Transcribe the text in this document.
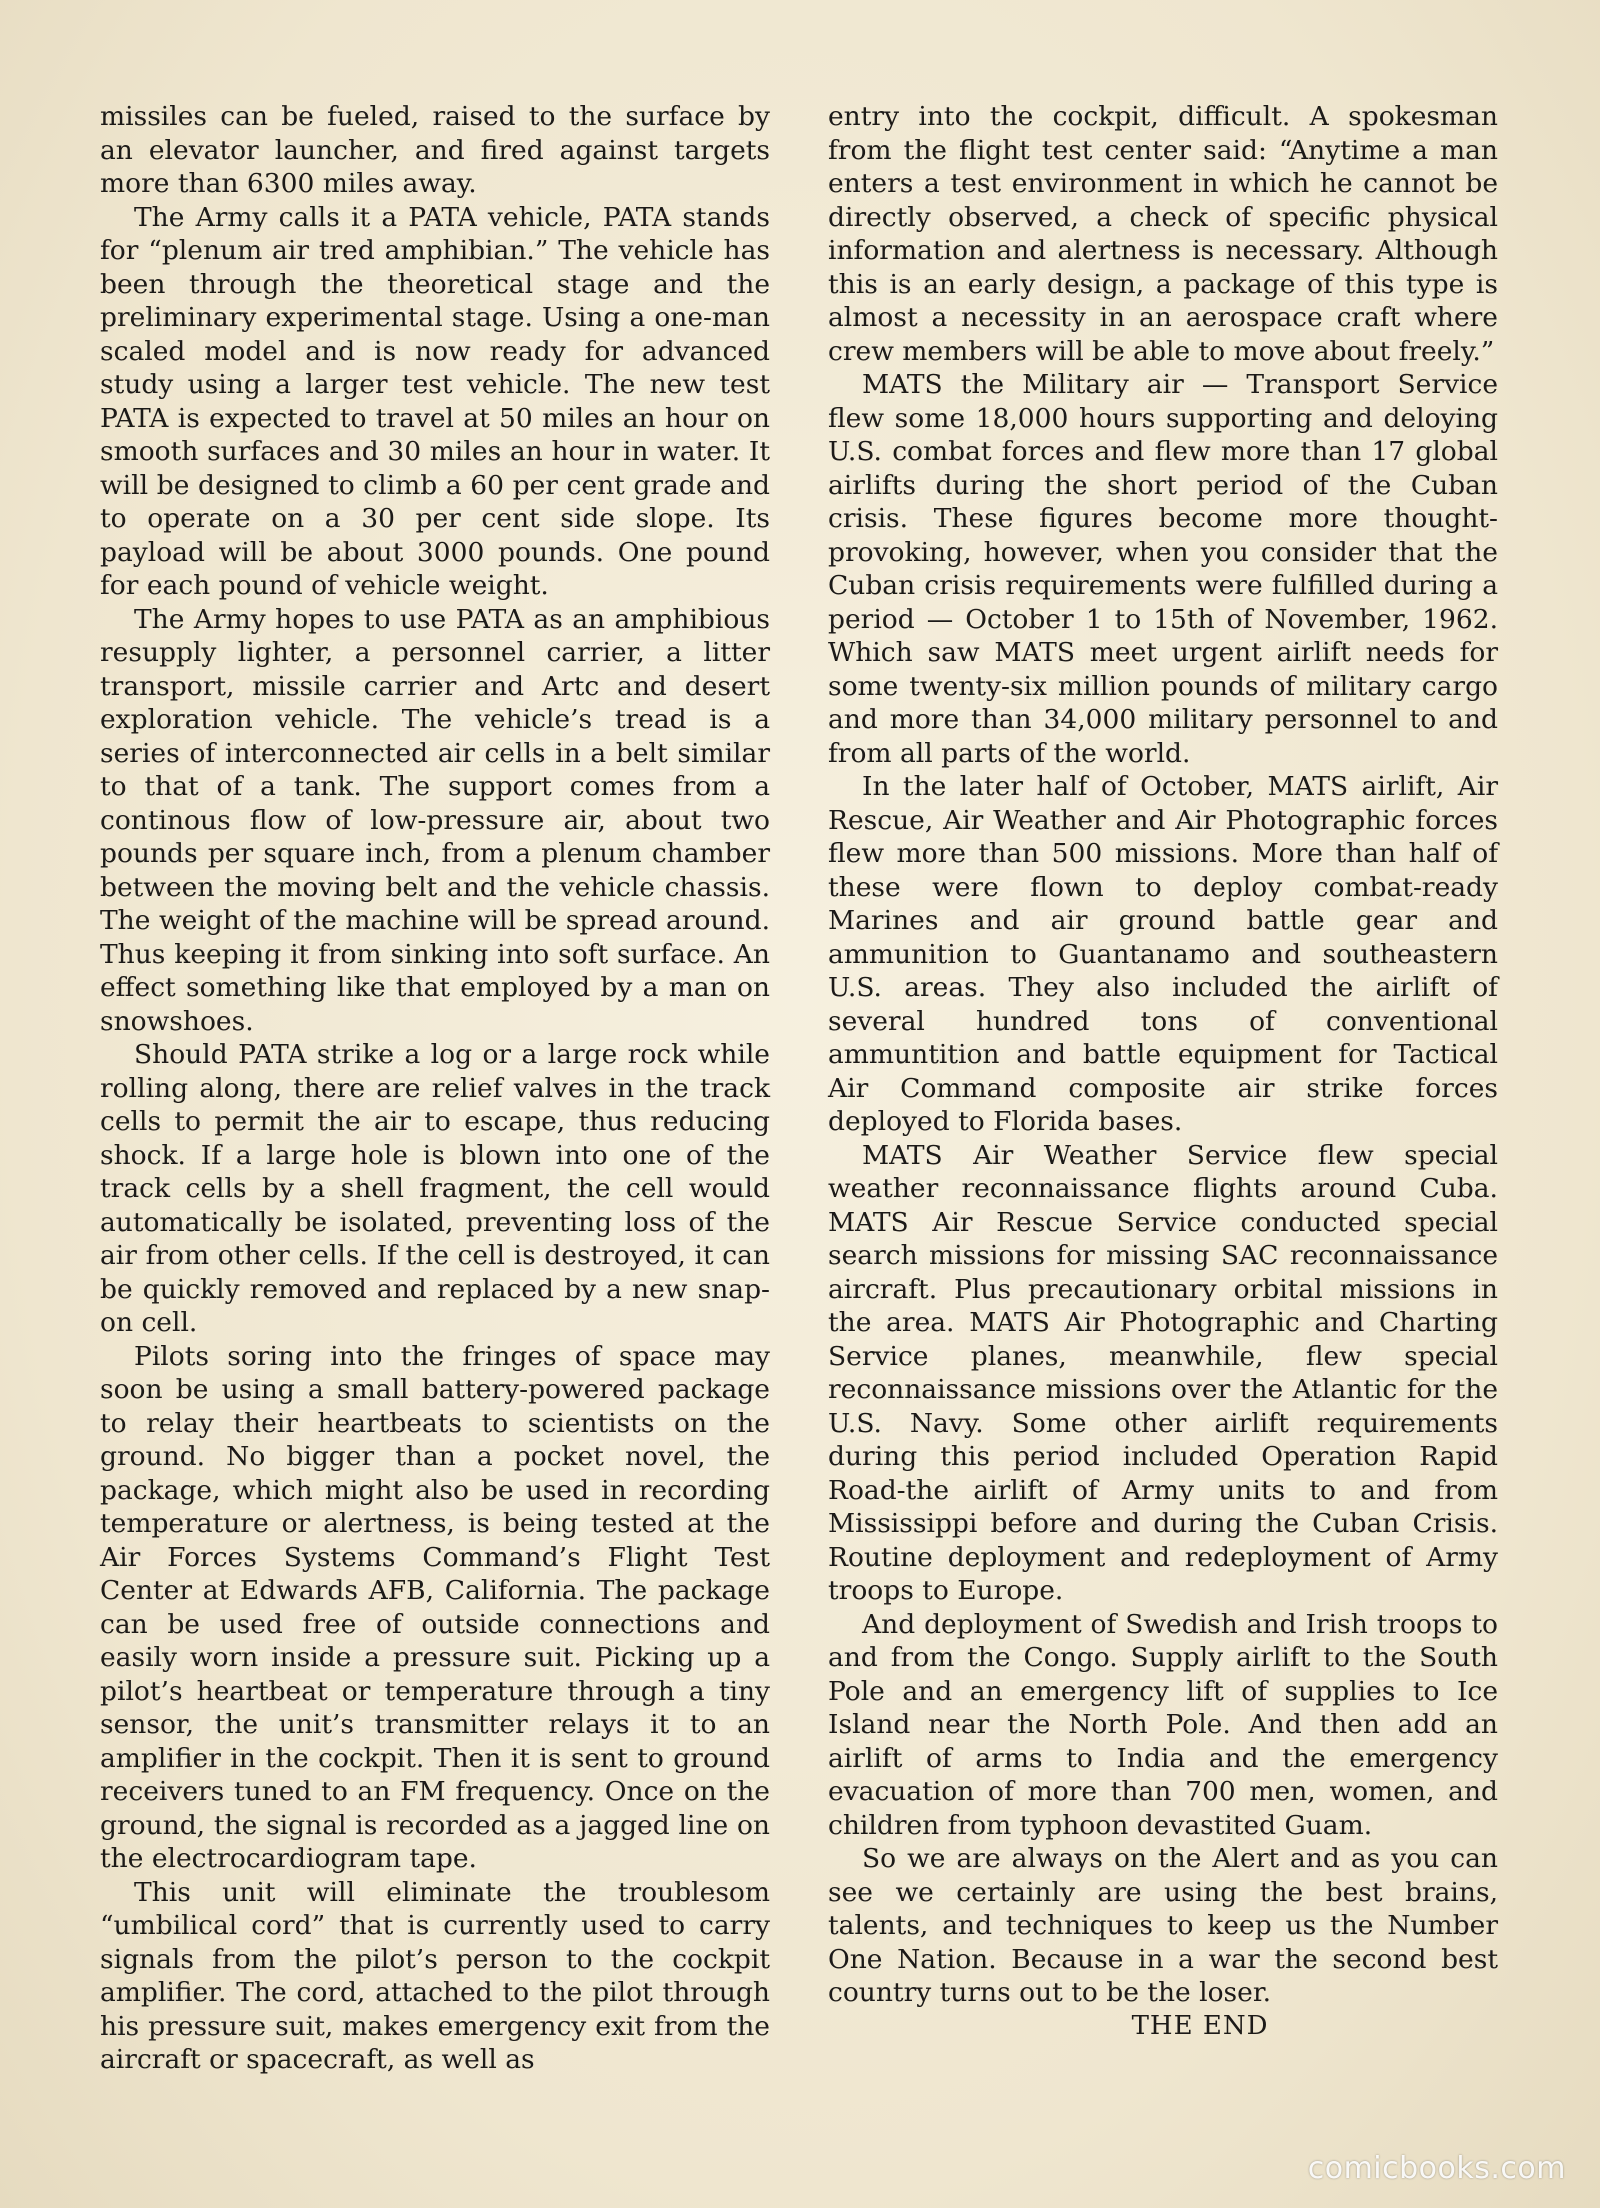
missiles can be fueled, raised to the surface by an elevator launcher, and fired against targets more than 6300 miles away.

The Army calls it a PATA vehicle, PATA stands for “plenum air tred amphibian.” The vehicle has been through the theoretical stage and the preliminary experimental stage. Using a one-man scaled model and is now ready for advanced study using a larger test vehicle. The new test PATA is expected to travel at 50 miles an hour on smooth surfaces and 30 miles an hour in water. It will be designed to climb a 60 per cent grade and to operate on a 30 per cent side slope. Its payload will be about 3000 pounds. One pound for each pound of vehicle weight.

The Army hopes to use PATA as an amphibious resupply lighter, a personnel carrier, a litter transport, missile carrier and Artc and desert exploration vehicle. The vehicle’s tread is a series of interconnected air cells in a belt similar to that of a tank. The support comes from a continous flow of low-pressure air, about two pounds per square inch, from a plenum chamber between the moving belt and the vehicle chassis. The weight of the machine will be spread around. Thus keeping it from sinking into soft surface. An effect something like that employed by a man on snowshoes.

Should PATA strike a log or a large rock while rolling along, there are relief valves in the track cells to permit the air to escape, thus reducing shock. If a large hole is blown into one of the track cells by a shell fragment, the cell would automatically be isolated, preventing loss of the air from other cells. If the cell is destroyed, it can be quickly removed and replaced by a new snap-on cell.

Pilots soring into the fringes of space may soon be using a small battery-powered package to relay their heartbeats to scientists on the ground. No bigger than a pocket novel, the package, which might also be used in recording temperature or alertness, is being tested at the Air Forces Systems Command’s Flight Test Center at Edwards AFB, California. The package can be used free of outside connections and easily worn inside a pressure suit. Picking up a pilot’s heartbeat or temperature through a tiny sensor, the unit’s transmitter relays it to an amplifier in the cockpit. Then it is sent to ground receivers tuned to an FM frequency. Once on the ground, the signal is recorded as a jagged line on the electrocardiogram tape.

This unit will eliminate the troublesom “umbilical cord” that is currently used to carry signals from the pilot’s person to the cockpit amplifier. The cord, attached to the pilot through his pressure suit, makes emergency exit from the aircraft or spacecraft, as well as

entry into the cockpit, difficult. A spokesman from the flight test center said: “Anytime a man enters a test environment in which he cannot be directly observed, a check of specific physical information and alertness is necessary. Although this is an early design, a package of this type is almost a necessity in an aerospace craft where crew members will be able to move about freely.”

MATS the Military air — Transport Service flew some 18,000 hours supporting and deloying U.S. combat forces and flew more than 17 global airlifts during the short period of the Cuban crisis. These figures become more thought-provoking, however, when you consider that the Cuban crisis requirements were fulfilled during a period — October 1 to 15th of November, 1962. Which saw MATS meet urgent airlift needs for some twenty-six million pounds of military cargo and more than 34,000 military personnel to and from all parts of the world.

In the later half of October, MATS airlift, Air Rescue, Air Weather and Air Photographic forces flew more than 500 missions. More than half of these were flown to deploy combat-ready Marines and air ground battle gear and ammunition to Guantanamo and southeastern U.S. areas. They also included the airlift of several hundred tons of conventional ammuntition and battle equipment for Tactical Air Command composite air strike forces deployed to Florida bases.

MATS Air Weather Service flew special weather reconnaissance flights around Cuba. MATS Air Rescue Service conducted special search missions for missing SAC reconnaissance aircraft. Plus precautionary orbital missions in the area. MATS Air Photographic and Charting Service planes, meanwhile, flew special reconnaissance missions over the Atlantic for the U.S. Navy. Some other airlift requirements during this period included Operation Rapid Road-the airlift of Army units to and from Mississippi before and during the Cuban Crisis. Routine deployment and redeployment of Army troops to Europe.

And deployment of Swedish and Irish troops to and from the Congo. Supply airlift to the South Pole and an emergency lift of supplies to Ice Island near the North Pole. And then add an airlift of arms to India and the emergency evacuation of more than 700 men, women, and children from typhoon devastited Guam.

So we are always on the Alert and as you can see we certainly are using the best brains, talents, and techniques to keep us the Number One Nation. Because in a war the second best country turns out to be the loser.

THE END

comicbooks.com
